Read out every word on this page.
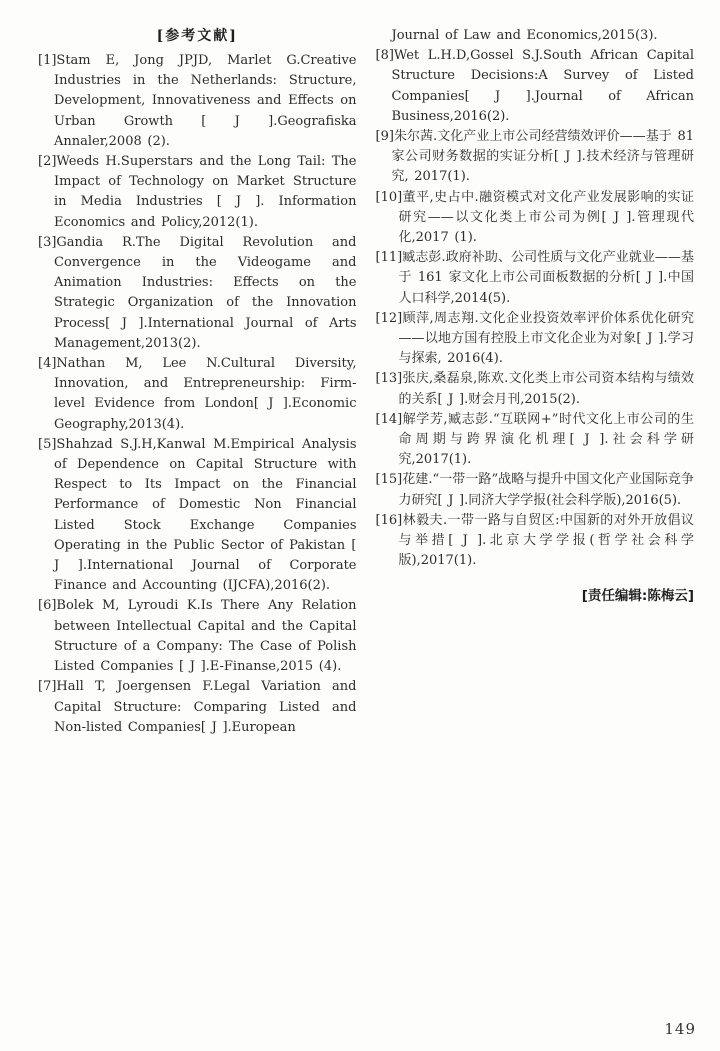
[参考文献]
[1]Stam E, Jong JPJD, Marlet G.Creative Industries in the Netherlands: Structure, Development, Innovativeness and Effects on Urban Growth [ J ].Geografiska Annaler,2008 (2).
[2]Weeds H.Superstars and the Long Tail: The Impact of Technology on Market Structure in Media Industries [ J ]. Information Economics and Policy,2012(1).
[3]Gandia R.The Digital Revolution and Convergence in the Videogame and Animation Industries: Effects on the Strategic Organization of the Innovation Process[ J ].International Journal of Arts Management,2013(2).
[4]Nathan M, Lee N.Cultural Diversity, Innovation, and Entrepreneurship: Firm-level Evidence from London[ J ].Economic Geography,2013(4).
[5]Shahzad S.J.H,Kanwal M.Empirical Analysis of Dependence on Capital Structure with Respect to Its Impact on the Financial Performance of Domestic Non Financial Listed Stock Exchange Companies Operating in the Public Sector of Pakistan [ J ].International Journal of Corporate Finance and Accounting (IJCFA),2016(2).
[6]Bolek M, Lyroudi K.Is There Any Relation between Intellectual Capital and the Capital Structure of a Company: The Case of Polish Listed Companies [ J ].E-Finanse,2015 (4).
[7]Hall T, Joergensen F.Legal Variation and Capital Structure: Comparing Listed and Non-listed Companies[ J ].European
Journal of Law and Economics,2015(3).
[8]Wet L.H.D,Gossel S.J.South African Capital Structure Decisions:A Survey of Listed Companies[ J ].Journal of African Business,2016(2).
[9]朱尔茜.文化产业上市公司经营绩效评价——基于 81 家公司财务数据的实证分析[ J ].技术经济与管理研究, 2017(1).
[10]董平,史占中.融资模式对文化产业发展影响的实证研究——以文化类上市公司为例[ J ].管理现代化,2017 (1).
[11]臧志彭.政府补助、公司性质与文化产业就业——基于 161 家文化上市公司面板数据的分析[ J ].中国人口科学,2014(5).
[12]顾萍,周志翔.文化企业投资效率评价体系优化研究——以地方国有控股上市文化企业为对象[ J ].学习与探索, 2016(4).
[13]张庆,桑磊泉,陈欢.文化类上市公司资本结构与绩效的关系[ J ].财会月刊,2015(2).
[14]解学芳,臧志彭.“互联网+”时代文化上市公司的生命周期与跨界演化机理[ J ].社会科学研究,2017(1).
[15]花建.“一带一路”战略与提升中国文化产业国际竞争力研究[ J ].同济大学学报(社会科学版),2016(5).
[16]林毅夫.一带一路与自贸区:中国新的对外开放倡议与举措[ J ].北京大学学报(哲学社会科学版),2017(1).
[责任编辑:陈梅云]
149
